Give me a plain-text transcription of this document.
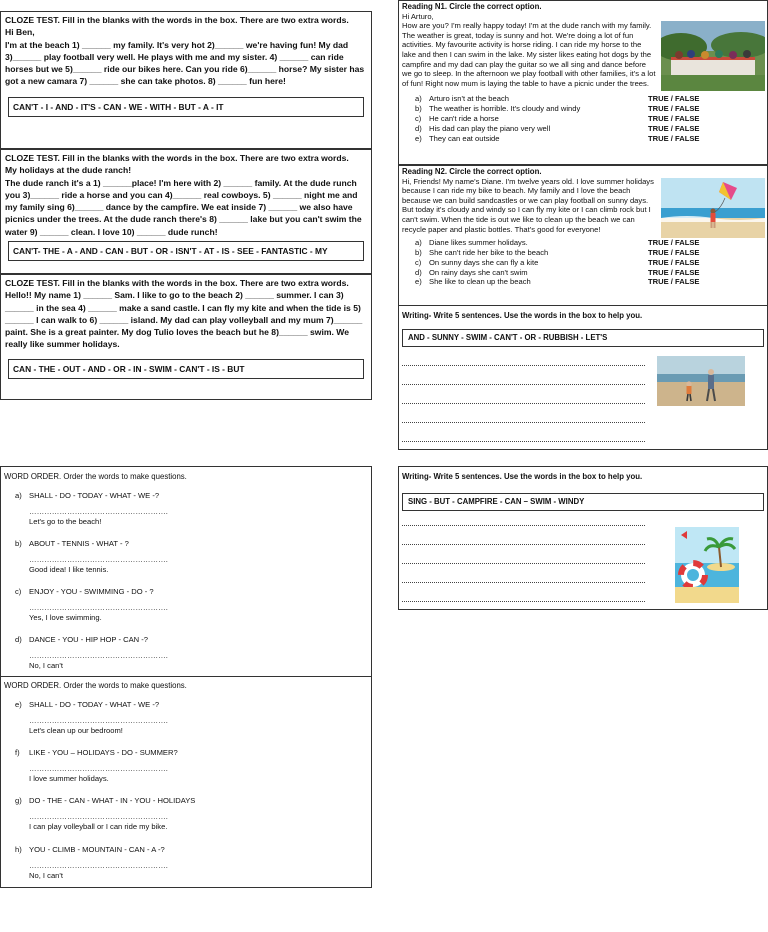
CLOZE TEST. Fill in the blanks with the words in the box. There are two extra words.

Hi Ben,

I'm at the beach 1) ______ my family. It's very hot 2)______ we're having fun! My dad 3)______ play football very well. He plays with me and my sister. 4) ______ can ride horses but we 5)______ ride our bikes here. Can you ride 6)______ horse? My sister has got a new camara 7) ______ she can take photos. 8) ______ fun here!

CAN'T - I - AND - IT'S - CAN - WE - WITH - BUT - A - IT

CLOZE TEST. Fill in the blanks with the words in the box. There are two extra words.

My holidays at the dude ranch!

The dude ranch it's a 1) ______place! I'm here with 2) ______ family. At the dude runch you 3)______ ride a horse and you can 4)______ real cowboys. 5) ______ night me and my family sing 6)______ dance by the campfire. We eat inside 7) ______ we also have picnics under the trees. At the dude ranch there's 8) ______ lake but you can't swim the water 9) ______ clean. I love 10) ______ dude runch!

CAN'T- THE - A - AND - CAN - BUT - OR - ISN'T - AT - IS - SEE - FANTASTIC - MY

CLOZE TEST. Fill in the blanks with the words in the box. There are two extra words.

Hello!! My name 1) ______ Sam. I like to go to the beach 2) ______ summer. I can 3) ______ in the sea 4) ______ make a sand castle. I can fly my kite and when the tide is 5) ______ I can walk to 6) ______ island. My dad can play volleyball and my mum 7)______ paint. She is a great painter. My dog Tulio loves the beach but he 8)______ swim. We really like summer holidays.

CAN - THE - OUT - AND - OR - IN - SWIM - CAN'T - IS - BUT
Reading N1. Circle the correct option.

Hi Arturo,

How are you? I'm really happy today! I'm at the dude ranch with my family. The weather is great, today is sunny and hot. We're doing a lot of fun activities. My favourite activity is horse riding. I can ride my horse to the lake and then I can swim in the lake. My sister likes eating hot dogs by the campfire and my dad can play the guitar so we all sing and dance before we go to sleep. In the afternoon we play football with other families, it's a lot of fun! Right now mum is laying the table to have a picnic under the trees.

a) Arturo isn't at the beach	TRUE / FALSE
b) The weather is horrible. It's cloudy and windy	TRUE / FALSE
c) He can't ride a horse	TRUE / FALSE
d) His dad can play the piano very well	TRUE / FALSE
e) They can eat outside	TRUE / FALSE
Reading N2. Circle the correct option.

Hi, Friends! My name's Diane. I'm twelve years old. I love summer holidays because I can ride my bike to beach. My family and I love the beach because we can build sandcastles or we can play football on sunny days. But today it's cloudy and windy so I can fly my kite or I can climb rock but I can't swim. When the tide is out we like to clean up the beach we can recycle paper and plastic bottles. That's good for everyone!

a) Diane likes summer holidays.	TRUE / FALSE
b) She can't ride her bike to the beach	TRUE / FALSE
c) On sunny days she can fly a kite	TRUE / FALSE
d) On rainy days she can't swim	TRUE / FALSE
e) She like to clean up the beach	TRUE / FALSE
Writing- Write 5 sentences. Use the words in the box to help you.
AND - SUNNY - SWIM - CAN'T - OR - RUBBISH - LET'S
Writing- Write 5 sentences. Use the words in the box to help you.
SING - BUT - CAMPFIRE - CAN – SWIM - WINDY
WORD ORDER. Order the words to make questions.
a) SHALL - DO - TODAY - WHAT - WE -?
……………………………………………….
Let's go to the beach!
b) ABOUT - TENNIS - WHAT - ?
……………………………………………….
Good idea! I like tennis.
c) ENJOY - YOU - SWIMMING - DO - ?
……………………………………………….
Yes, I love swimming.
d) DANCE - YOU - HIP HOP - CAN -?
……………………………………………….
No, I can't
WORD ORDER. Order the words to make questions.
e) SHALL - DO - TODAY - WHAT - WE -?
……………………………………………….
Let's clean up our bedroom!
f) LIKE - YOU – HOLIDAYS - DO - SUMMER?
……………………………………………….
I love summer holidays.
g) DO - THE - CAN - WHAT - IN - YOU - HOLIDAYS
……………………………………………….
I can play volleyball or I can ride my bike.
h) YOU - CLIMB - MOUNTAIN - CAN - A -?
……………………………………………….
No, I can't
